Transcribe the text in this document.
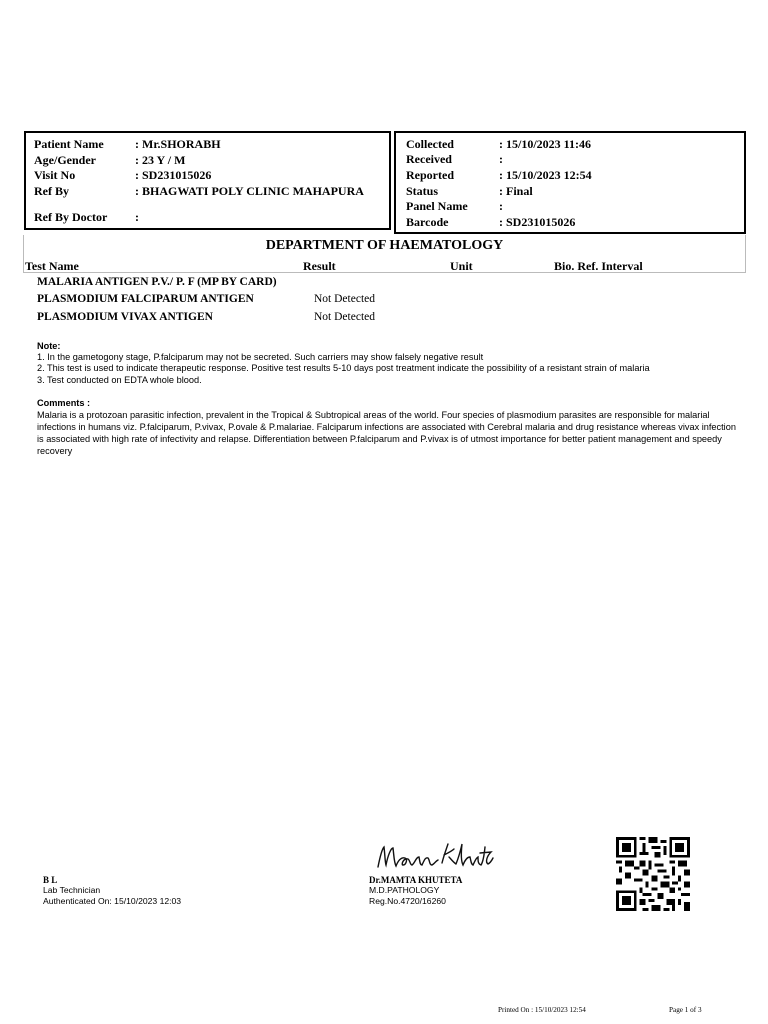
Patient Name	: Mr.SHORABH
Age/Gender	: 23 Y / M
Visit No	: SD231015026
Ref By	: BHAGWATI POLY CLINIC MAHAPURA
Ref By Doctor :
Collected	: 15/10/2023 11:46
Received	:
Reported	: 15/10/2023 12:54
Status	: Final
Panel Name	:
Barcode	: SD231015026
DEPARTMENT OF HAEMATOLOGY
Test Name	Result	Unit	Bio. Ref. Interval
MALARIA ANTIGEN P.V./ P. F (MP BY CARD)
PLASMODIUM FALCIPARUM ANTIGEN	Not Detected
PLASMODIUM VIVAX ANTIGEN	Not Detected
Note:
1. In the gametogony stage, P.falciparum may not be secreted. Such carriers may show falsely negative result
2. This test is used to indicate therapeutic response. Positive test results 5-10 days post treatment indicate the possibility of a resistant strain of malaria
3. Test conducted on EDTA whole blood.
Comments :
Malaria is a protozoan parasitic infection, prevalent in the Tropical & Subtropical areas of the world. Four species of plasmodium parasites are responsible for malarial infections in humans viz. P.falciparum, P.vivax, P.ovale & P.malariae. Falciparum infections are associated with Cerebral malaria and drug resistance whereas vivax infection is associated with high rate of infectivity and relapse. Differentiation between P.falciparum and P.vivax is of utmost importance for better patient management and speedy recovery
B L
Lab Technician
Authenticated On: 15/10/2023 12:03
Dr.MAMTA KHUTETA
M.D.PATHOLOGY
Reg.No.4720/16260
Printed On : 15/10/2023 12:54	Page 1 of 3
